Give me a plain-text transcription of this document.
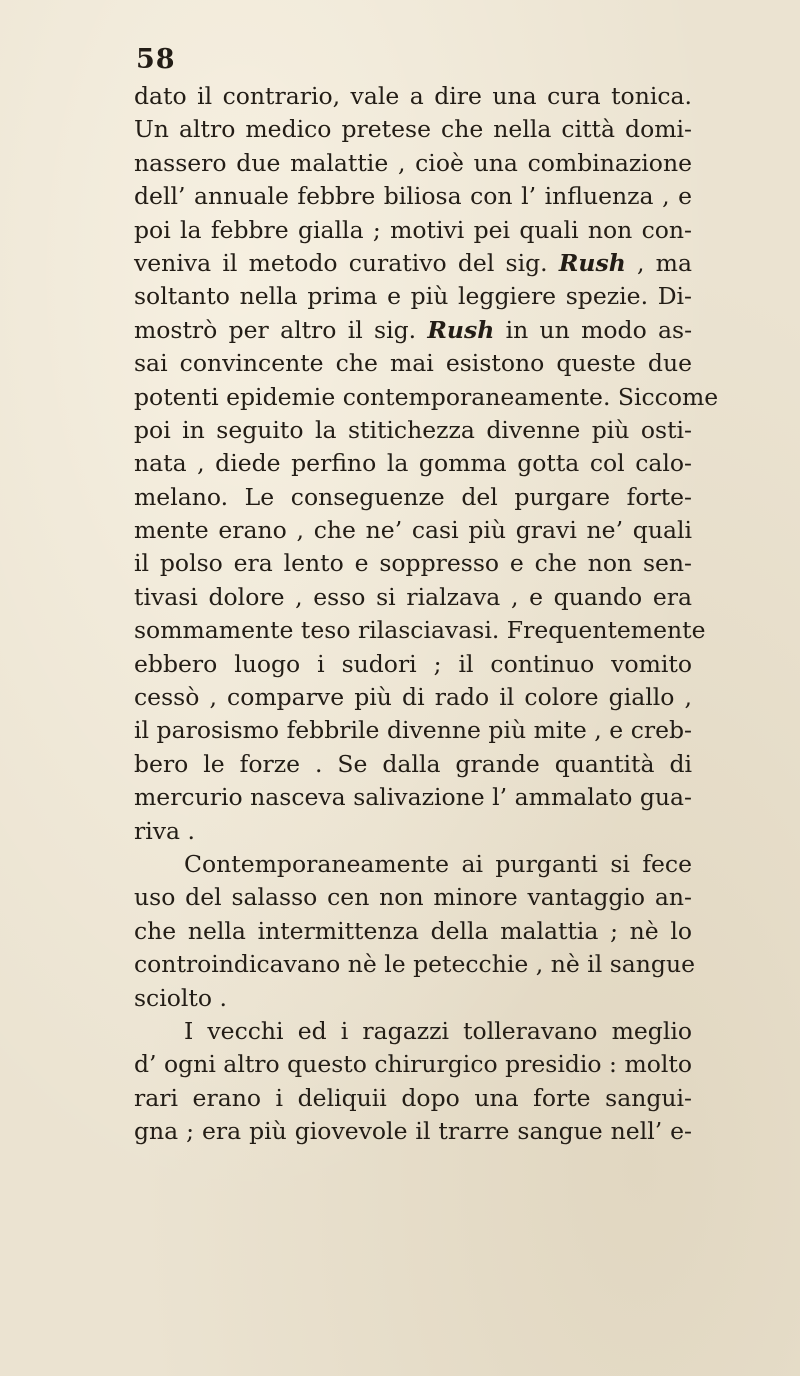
58
dato il contrario, vale a dire una cura tonica.
Un altro medico pretese che nella città domi-
nassero due malattie , cioè una combinazione
dell’ annuale febbre biliosa con l’ influenza , e
poi la febbre gialla ; motivi pei quali non con-
veniva il metodo curativo del sig. Rush , ma
soltanto nella prima e più leggiere spezie. Di-
mostrò per altro il sig. Rush in un modo as-
sai convincente che mai esistono queste due
potenti epidemie contemporaneamente. Siccome
poi in seguito la stitichezza divenne più osti-
nata , diede perfino la gomma gotta col calo-
melano. Le conseguenze del purgare forte-
mente erano , che ne’ casi più gravi ne’ quali
il polso era lento e soppresso e che non sen-
tivasi dolore , esso si rialzava , e quando era
sommamente teso rilasciavasi. Frequentemente
ebbero luogo i sudori ; il continuo vomito
cessò , comparve più di rado il colore giallo ,
il parosismo febbrile divenne più mite , e creb-
bero le forze . Se dalla grande quantità di
mercurio nasceva salivazione l’ ammalato gua-
riva .
Contemporaneamente ai purganti si fece
uso del salasso cen non minore vantaggio an-
che nella intermittenza della malattia ; nè lo
controindicavano nè le petecchie , nè il sangue
sciolto .
I vecchi ed i ragazzi tolleravano meglio
d’ ogni altro questo chirurgico presidio : molto
rari erano i deliquii dopo una forte sangui-
gna ; era più giovevole il trarre sangue nell’ e-
